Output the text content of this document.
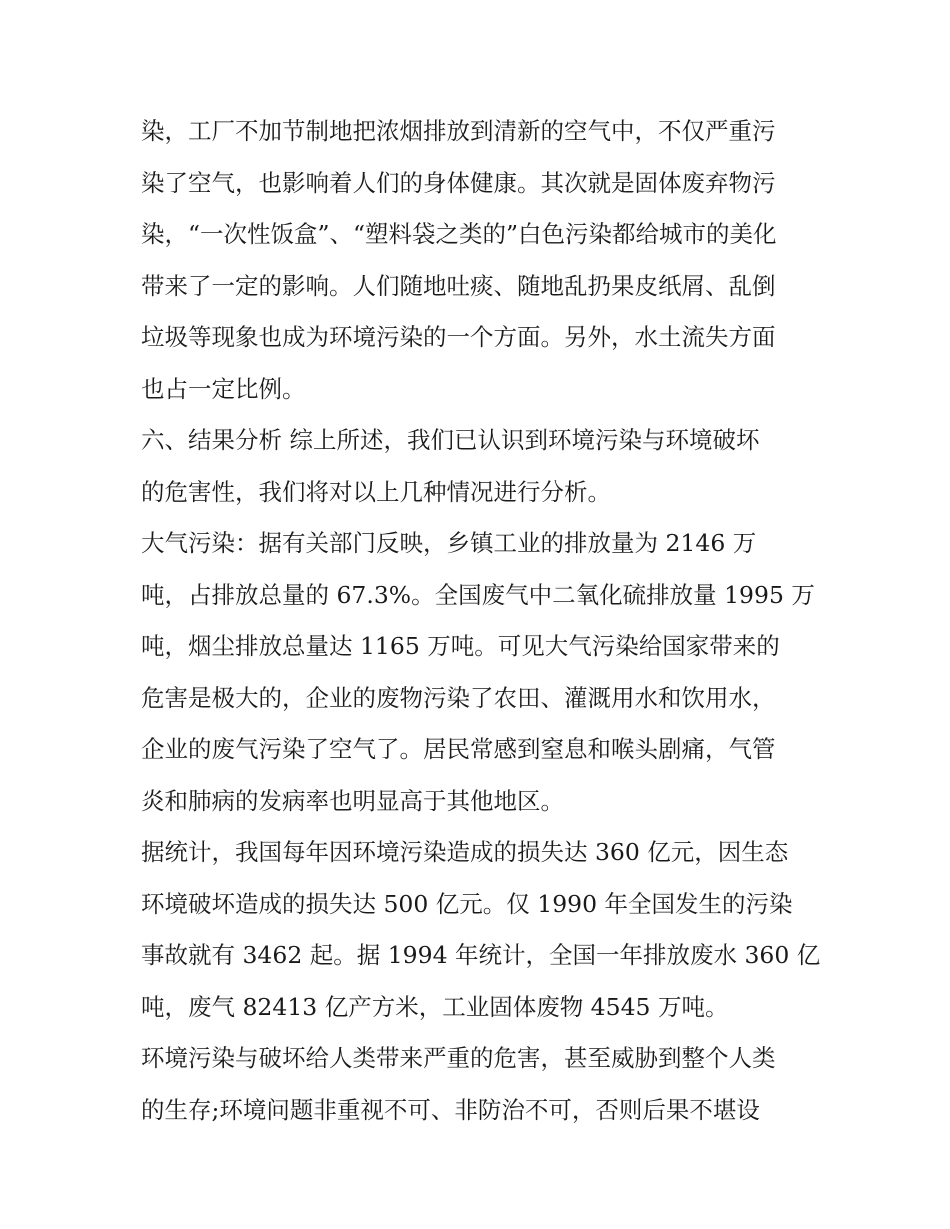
染，工厂不加节制地把浓烟排放到清新的空气中，不仅严重污
染了空气，也影响着人们的身体健康。其次就是固体废弃物污
染，“一次性饭盒”、“塑料袋之类的”白色污染都给城市的美化
带来了一定的影响。人们随地吐痰、随地乱扔果皮纸屑、乱倒
垃圾等现象也成为环境污染的一个方面。另外，水土流失方面
也占一定比例。
六、结果分析 综上所述，我们已认识到环境污染与环境破坏
的危害性，我们将对以上几种情况进行分析。
大气污染：据有关部门反映，乡镇工业的排放量为 2146 万
吨，占排放总量的 67.3%。全国废气中二氧化硫排放量 1995 万
吨，烟尘排放总量达 1165 万吨。可见大气污染给国家带来的
危害是极大的，企业的废物污染了农田、灌溉用水和饮用水，
企业的废气污染了空气了。居民常感到窒息和喉头剧痛，气管
炎和肺病的发病率也明显高于其他地区。
据统计，我国每年因环境污染造成的损失达 360 亿元，因生态
环境破坏造成的损失达 500 亿元。仅 1990 年全国发生的污染
事故就有 3462 起。据 1994 年统计，全国一年排放废水 360 亿
吨，废气 82413 亿产方米，工业固体废物 4545 万吨。
环境污染与破坏给人类带来严重的危害，甚至威胁到整个人类
的生存;环境问题非重视不可、非防治不可，否则后果不堪设
